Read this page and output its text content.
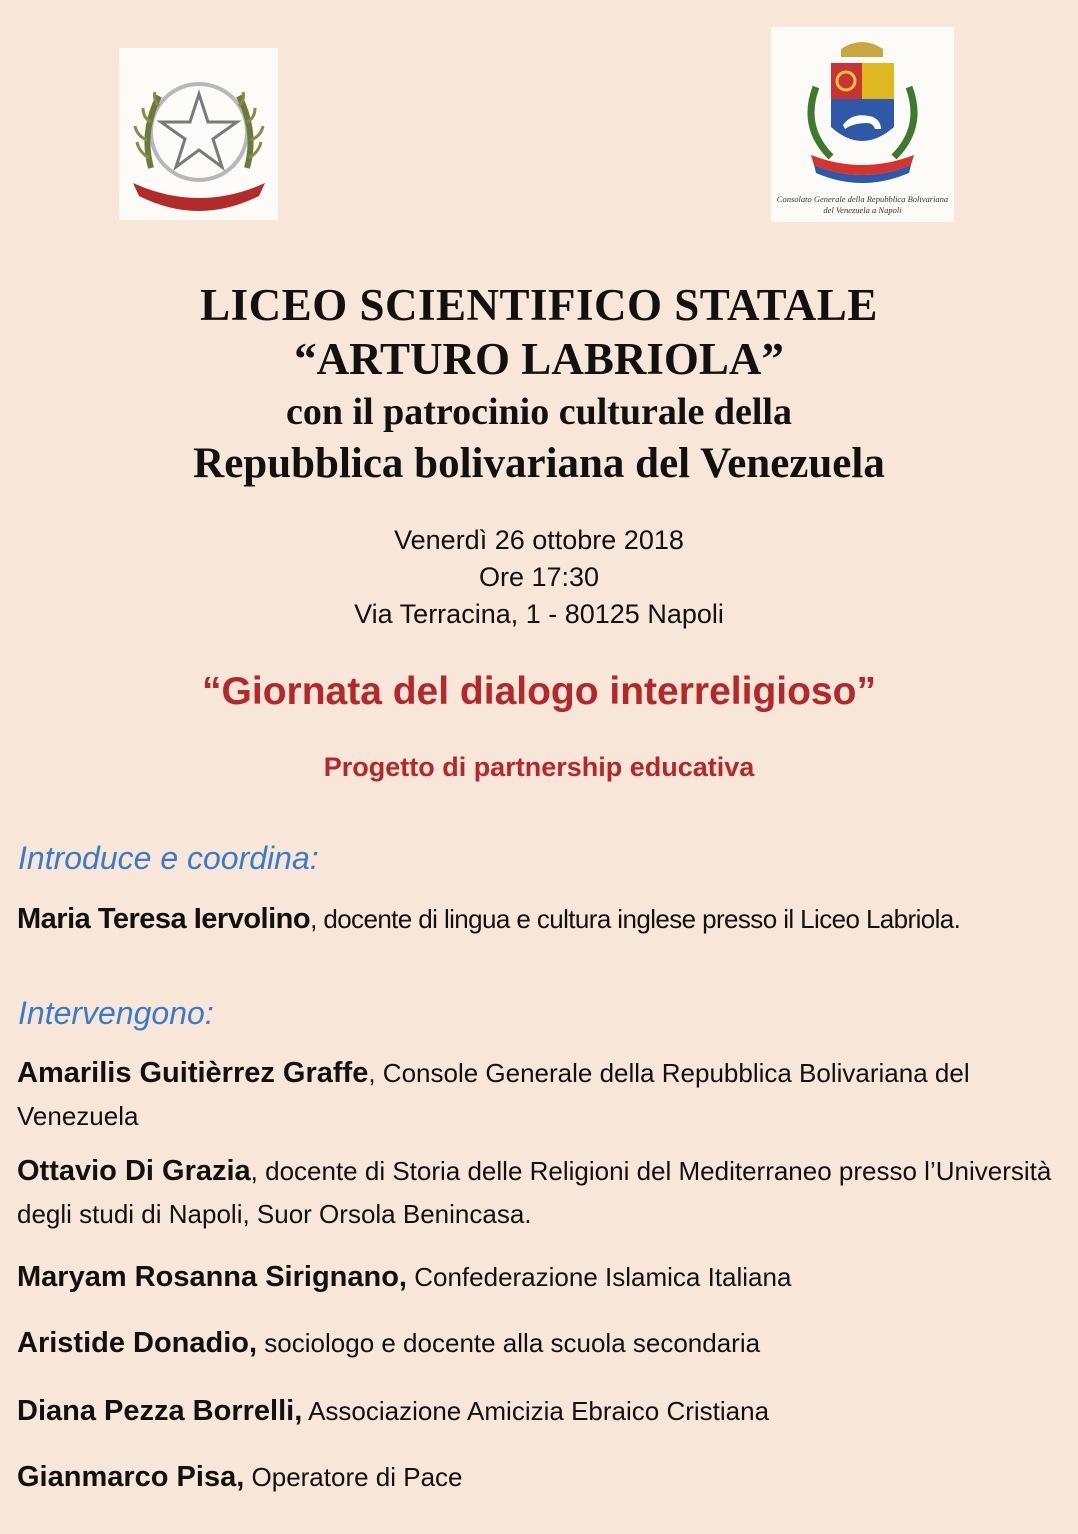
Consolato Generale della Repubblica Bolivariana
del Venezuela a Napoli
LICEO SCIENTIFICO STATALE
“ARTURO LABRIOLA”
con il patrocinio culturale della
Repubblica bolivariana del Venezuela
Venerdì 26 ottobre 2018
Ore 17:30
Via Terracina, 1 - 80125 Napoli
“Giornata del dialogo interreligioso”
Progetto di partnership educativa
Introduce e coordina:
Maria Teresa Iervolino, docente di lingua e cultura inglese presso il Liceo Labriola.
Intervengono:
Amarilis Guitièrrez Graffe, Console Generale della Repubblica Bolivariana del Venezuela
Ottavio Di Grazia, docente di Storia delle Religioni del Mediterraneo presso l’Università degli studi di Napoli, Suor Orsola Benincasa.
Maryam Rosanna Sirignano, Confederazione Islamica Italiana
Aristide Donadio, sociologo e docente alla scuola secondaria
Diana Pezza Borrelli, Associazione Amicizia Ebraico Cristiana
Gianmarco Pisa, Operatore di Pace
